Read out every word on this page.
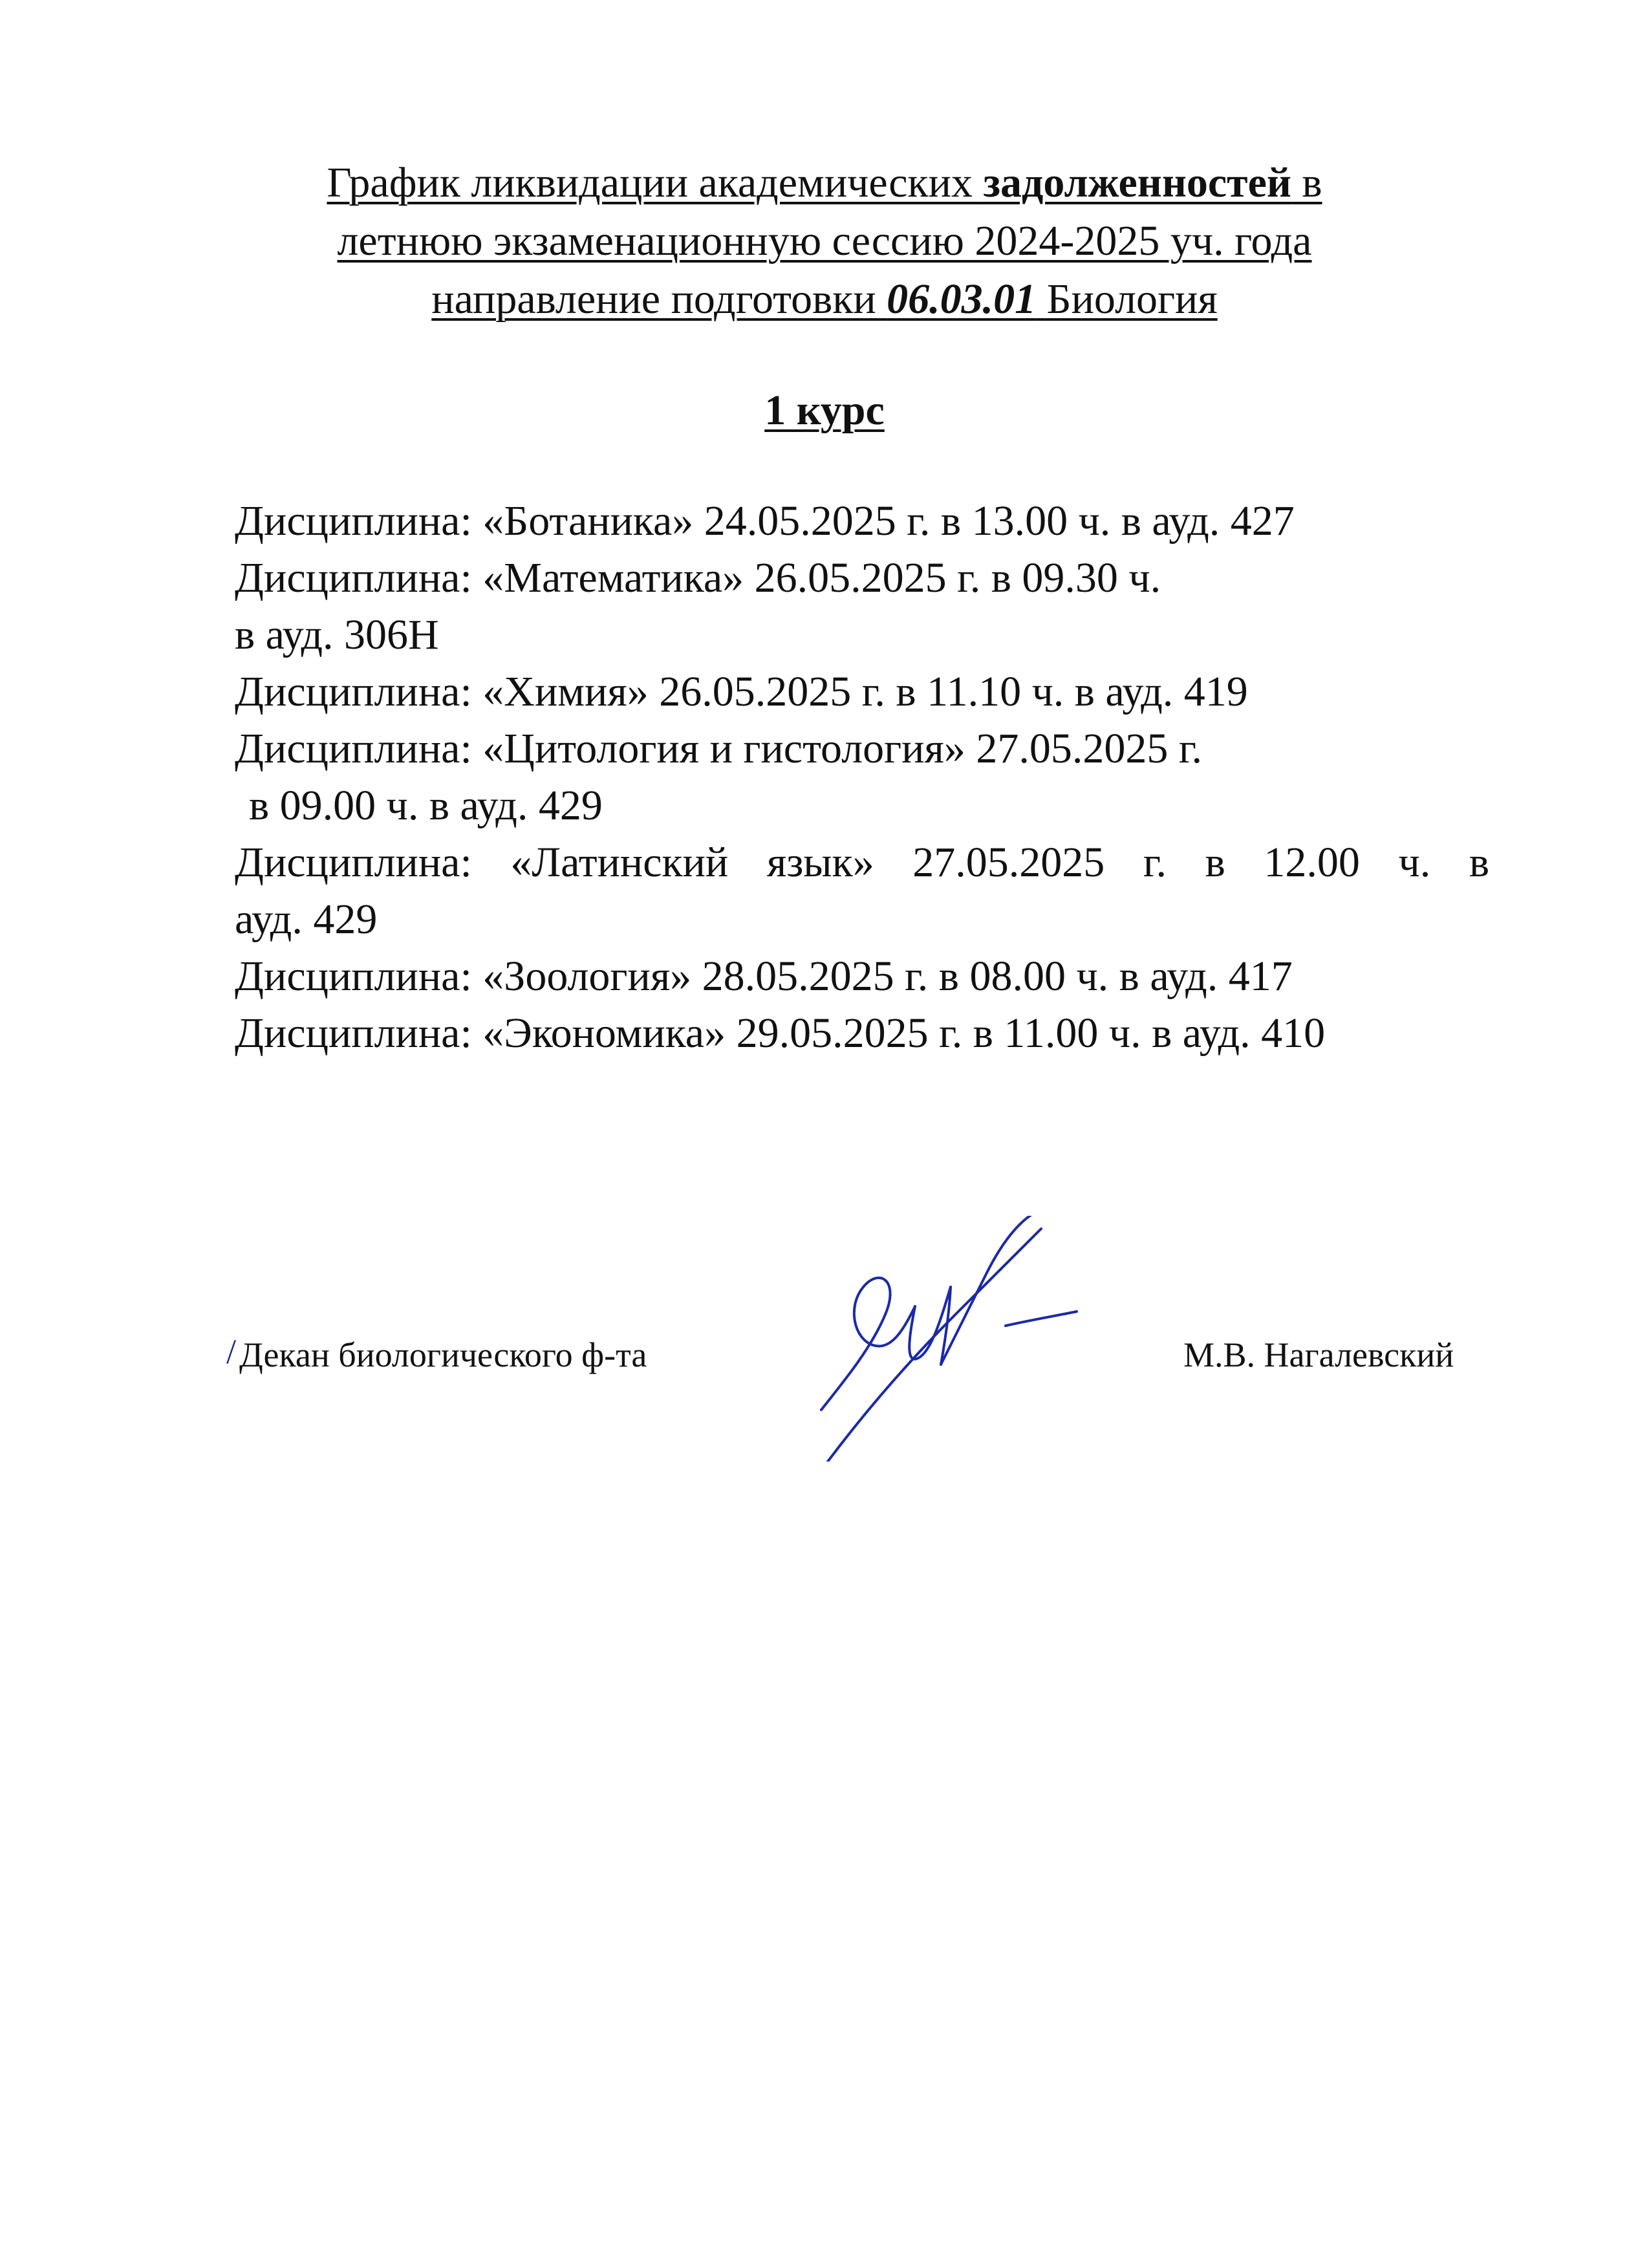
График ликвидации академических задолженностей в
летнюю экзаменационную сессию 2024-2025 уч. года
направление подготовки 06.03.01 Биология
1 курс
Дисциплина: «Ботаника» 24.05.2025 г. в 13.00 ч. в ауд. 427
Дисциплина: «Математика» 26.05.2025 г. в 09.30 ч.
в ауд. 306Н
Дисциплина: «Химия» 26.05.2025 г. в 11.10 ч. в ауд. 419
Дисциплина: «Цитология и гистология» 27.05.2025 г.
в 09.00 ч. в ауд. 429
Дисциплина: «Латинский язык» 27.05.2025 г. в 12.00 ч. в
ауд. 429
Дисциплина: «Зоология» 28.05.2025 г. в 08.00 ч. в ауд. 417
Дисциплина: «Экономика» 29.05.2025 г. в 11.00 ч. в ауд. 410
/ Декан биологического ф-та	М.В. Нагалевский
